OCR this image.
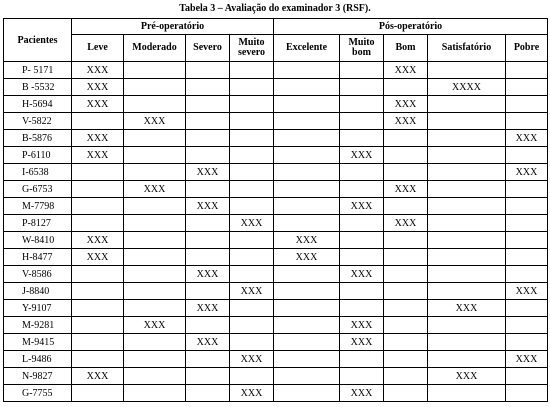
Tabela 3 – Avaliação do examinador 3 (RSF).
Pacientes	Pré-operatório				Pós-operatório				
	Leve	Moderado	Severo	Muito severo	Excelente	Muito bom	Bom	Satisfatório	Pobre
P- 5171	XXX						XXX		
B -5532	XXX							XXXX	
H-5694	XXX						XXX		
V-5822		XXX					XXX		
B-5876	XXX								XXX
P-6110	XXX					XXX			
I-6538			XXX						XXX
G-6753		XXX					XXX		
M-7798			XXX			XXX			
P-8127				XXX			XXX		
W-8410	XXX				XXX				
H-8477	XXX				XXX				
V-8586			XXX			XXX			
J-8840				XXX					XXX
Y-9107			XXX					XXX	
M-9281		XXX				XXX			
M-9415			XXX			XXX			
L-9486				XXX					XXX
N-9827	XXX							XXX	
G-7755				XXX		XXX			
